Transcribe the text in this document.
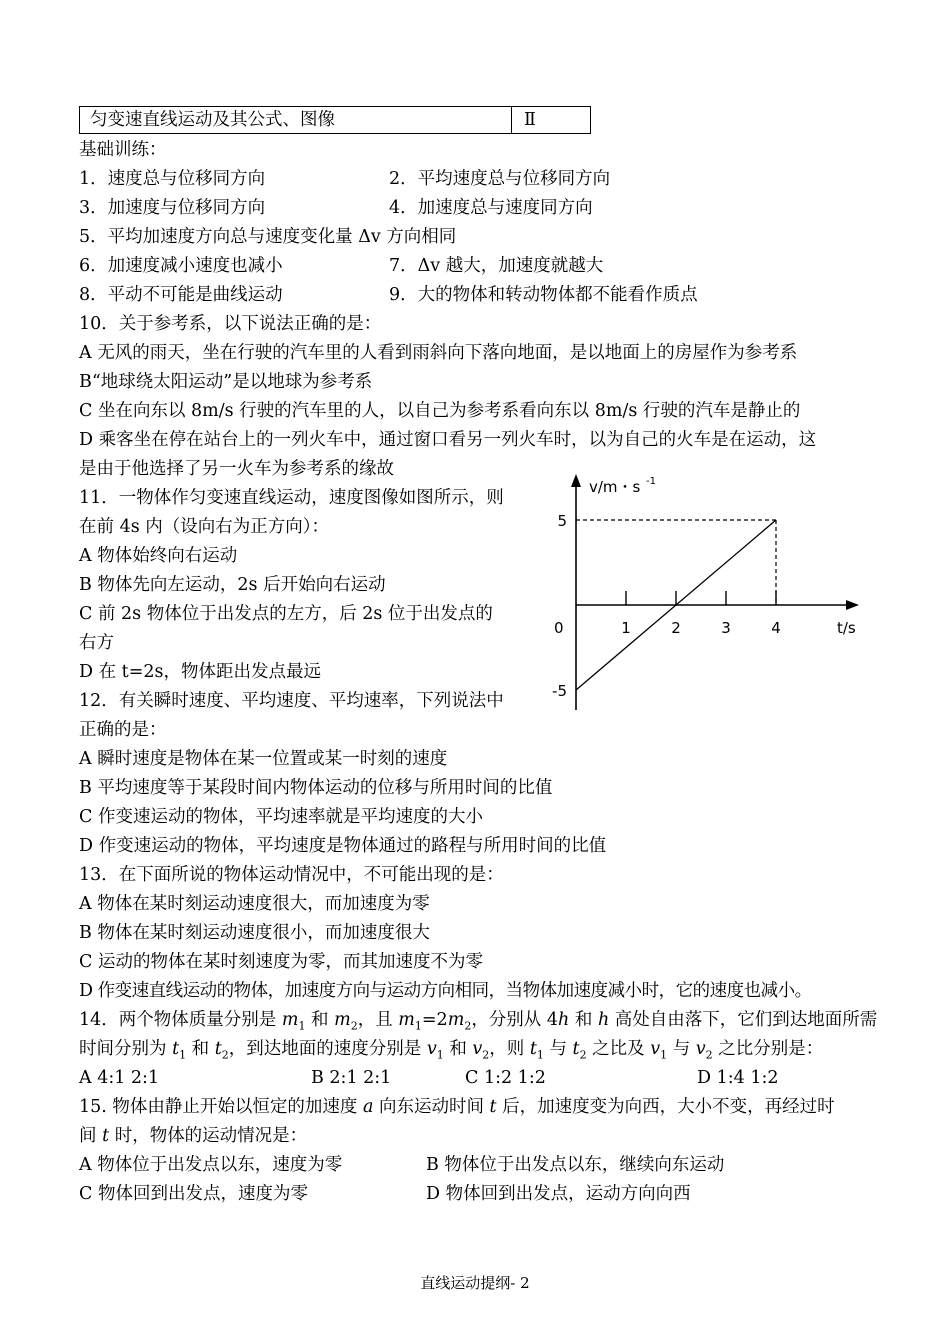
匀变速直线运动及其公式、图像	Ⅱ
基础训练：
1．速度总与位移同方向	2．平均速度总与位移同方向
3．加速度与位移同方向	4．加速度总与速度同方向
5．平均加速度方向总与速度变化量 Δv 方向相同
6．加速度减小速度也减小	7．Δv 越大，加速度就越大
8．平动不可能是曲线运动	9．大的物体和转动物体都不能看作质点
10．关于参考系，以下说法正确的是：
A 无风的雨天，坐在行驶的汽车里的人看到雨斜向下落向地面，是以地面上的房屋作为参考系
B“地球绕太阳运动”是以地球为参考系
C 坐在向东以 8m/s 行驶的汽车里的人，以自己为参考系看向东以 8m/s 行驶的汽车是静止的
D 乘客坐在停在站台上的一列火车中，通过窗口看另一列火车时，以为自己的火车是在运动，这
是由于他选择了另一火车为参考系的缘故
11．一物体作匀变速直线运动，速度图像如图所示，则
在前 4s 内（设向右为正方向）：
A 物体始终向右运动
B 物体先向左运动，2s 后开始向右运动
C 前 2s 物体位于出发点的左方，后 2s 位于出发点的
右方
D 在 t=2s，物体距出发点最远
12．有关瞬时速度、平均速度、平均速率，下列说法中
正确的是：
A 瞬时速度是物体在某一位置或某一时刻的速度
B 平均速度等于某段时间内物体运动的位移与所用时间的比值
C 作变速运动的物体，平均速率就是平均速度的大小
D 作变速运动的物体，平均速度是物体通过的路程与所用时间的比值
13．在下面所说的物体运动情况中，不可能出现的是：
A 物体在某时刻运动速度很大，而加速度为零
B 物体在某时刻运动速度很小，而加速度很大
C 运动的物体在某时刻速度为零，而其加速度不为零
D 作变速直线运动的物体，加速度方向与运动方向相同，当物体加速度减小时，它的速度也减小。
14．两个物体质量分别是 $m_1$ 和 $m_2$，且 $m_1=2m_2$，分别从 4h 和 h 高处自由落下，它们到达地面所需
时间分别为 $t_1$ 和 $t_2$，到达地面的速度分别是 $v_1$ 和 $v_2$，则 $t_1$ 与 $t_2$ 之比及 $v_1$ 与 $v_2$ 之比分别是：
A 4:1 2:1	B 2:1 2:1	C 1:2 1:2	D 1:4 1:2
15. 物体由静止开始以恒定的加速度 a 向东运动时间 t 后，加速度变为向西，大小不变，再经过时
间 t 时，物体的运动情况是：
A 物体位于出发点以东，速度为零	B 物体位于出发点以东，继续向东运动
C 物体回到出发点，速度为零	D 物体回到出发点，运动方向向西
v/m・s -1
t/s
0	1	2	3	4
5
-5
直线运动提纲- 2
